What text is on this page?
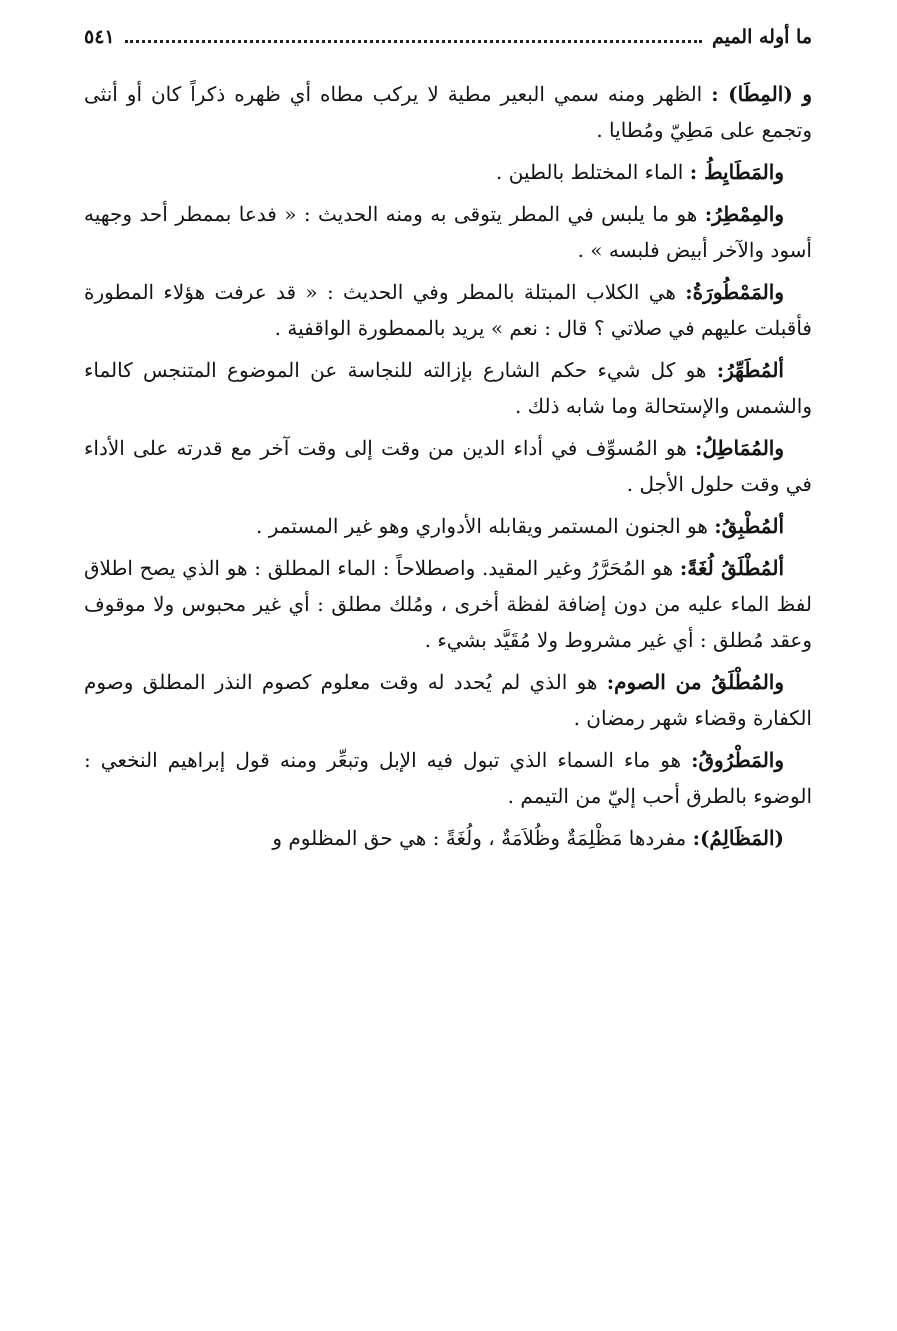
ما أوله الميم
٥٤١

و (المِطَا) : الظهر ومنه سمي البعير مطية لا يركب مطاه أي ظهره ذكراً كان أو أنثى وتجمع على مَطِيّ ومُطايا .

والمَطَايِطُ : الماء المختلط بالطين .

والمِمْطِرُ: هو ما يلبس في المطر يتوقى به ومنه الحديث : « فدعا بممطر أحد وجهيه أسود والآخر أبيض فلبسه » .

والمَمْطُورَةُ: هي الكلاب المبتلة بالمطر وفي الحديث : « قد عرفت هؤلاء المطورة فأقبلت عليهم في صلاتي ؟ قال : نعم » يريد بالممطورة الواقفية .

ألمُطَهِّرُ: هو كل شيء حكم الشارع بإزالته للنجاسة عن الموضوع المتنجس كالماء والشمس والإستحالة وما شابه ذلك .

والمُمَاطِلُ: هو المُسوِّف في أداء الدين من وقت إلى وقت آخر مع قدرته على الأداء في وقت حلول الأجل .

ألمُطْبِقُ: هو الجنون المستمر ويقابله الأدواري وهو غير المستمر .

ألمُطْلَقُ لُغَةً: هو المُحَرَّرُ وغير المقيد. واصطلاحاً : الماء المطلق : هو الذي يصح اطلاق لفظ الماء عليه من دون إضافة لفظة أخرى ، ومُلك مطلق : أي غير محبوس ولا موقوف وعقد مُطلق : أي غير مشروط ولا مُقَيَّد بشيء .

والمُطْلَقُ من الصوم: هو الذي لم يُحدد له وقت معلوم كصوم النذر المطلق وصوم الكفارة وقضاء شهر رمضان .

والمَطْرُوقُ: هو ماء السماء الذي تبول فيه الإبل وتبعِّر ومنه قول إبراهيم النخعي : الوضوء بالطرق أحب إليّ من التيمم .

(المَظَالِمُ): مفردها مَظْلِمَةٌ وظُلاَمَةٌ ، ولُغَةً : هي حق المظلوم و
